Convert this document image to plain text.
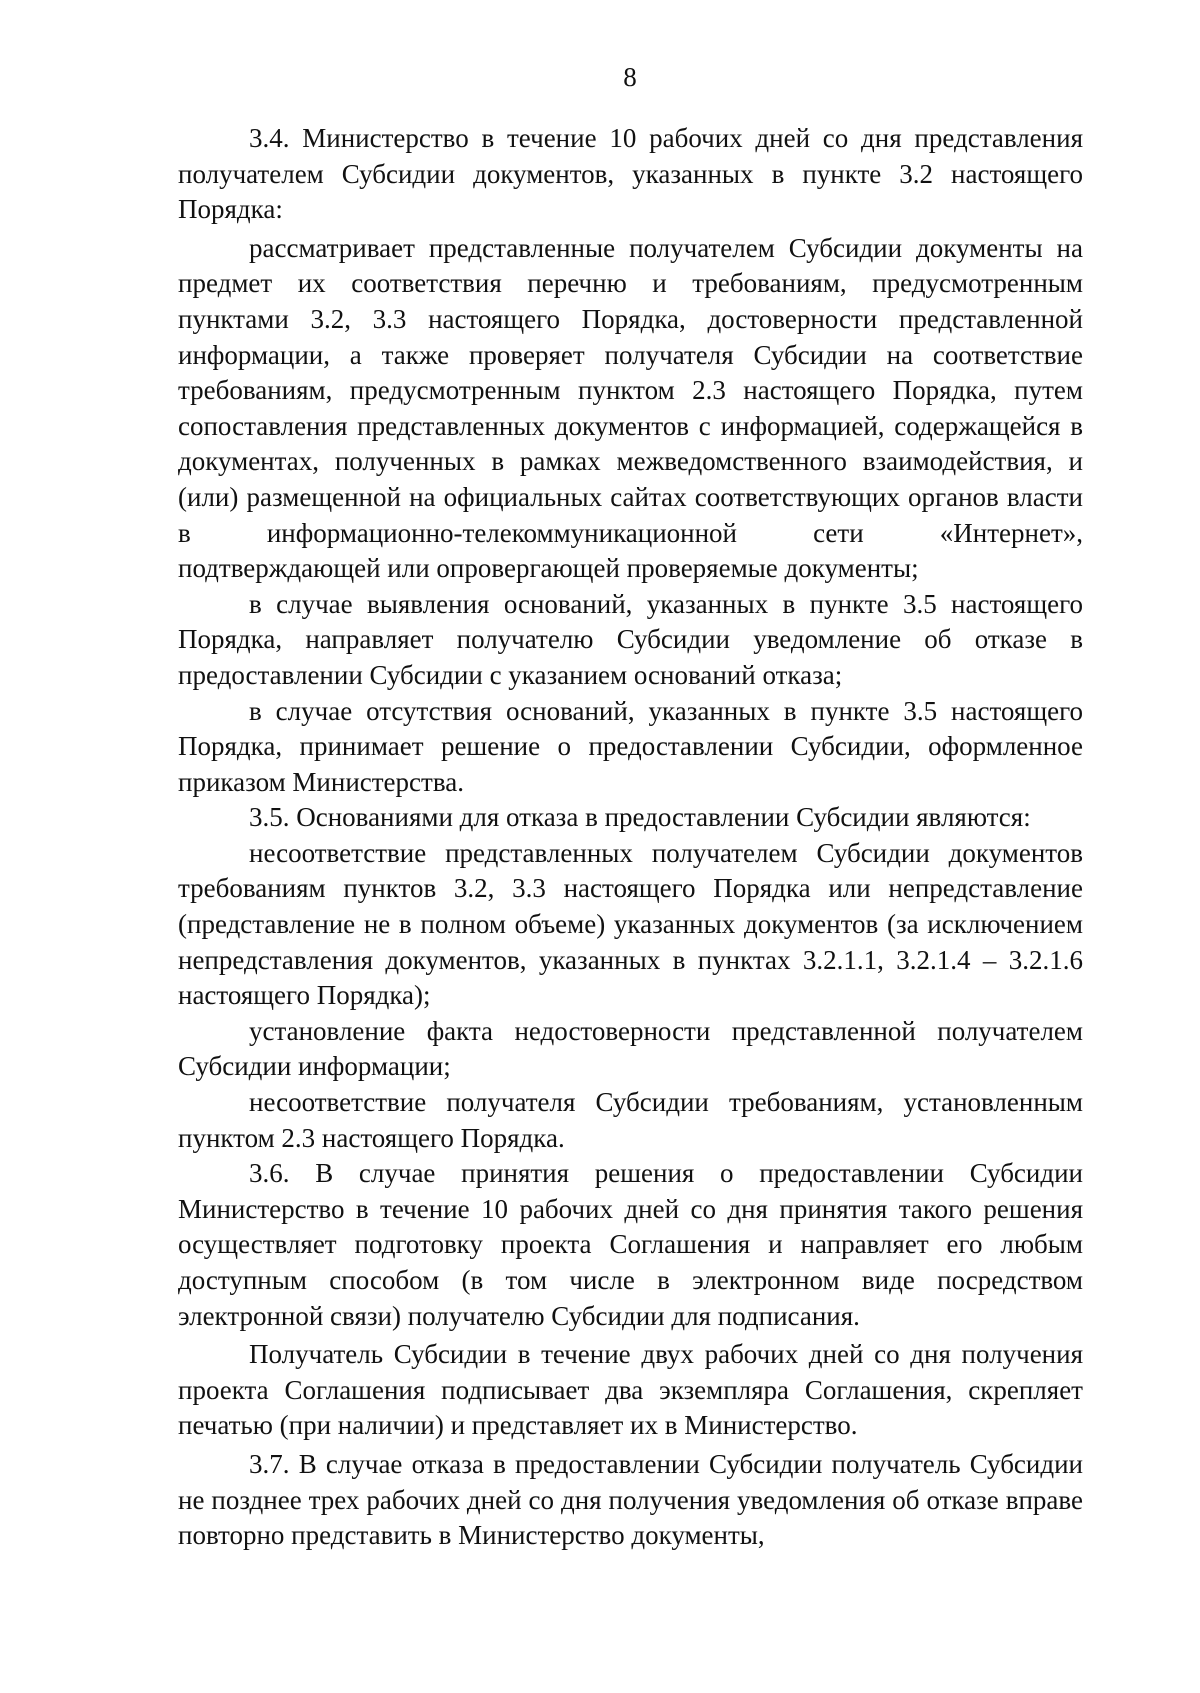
8

3.4. Министерство в течение 10 рабочих дней со дня представления получателем Субсидии документов, указанных в пункте 3.2 настоящего Порядка:

рассматривает представленные получателем Субсидии документы на предмет их соответствия перечню и требованиям, предусмотренным пунктами 3.2, 3.3 настоящего Порядка, достоверности представленной информации, а также проверяет получателя Субсидии на соответствие требованиям, предусмотренным пунктом 2.3 настоящего Порядка, путем сопоставления представленных документов с информацией, содержащейся в документах, полученных в рамках межведомственного взаимодействия, и (или) размещенной на официальных сайтах соответствующих органов власти в информационно-телекоммуникационной сети «Интернет», подтверждающей или опровергающей проверяемые документы;

в случае выявления оснований, указанных в пункте 3.5 настоящего Порядка, направляет получателю Субсидии уведомление об отказе в предоставлении Субсидии с указанием оснований отказа;

в случае отсутствия оснований, указанных в пункте 3.5 настоящего Порядка, принимает решение о предоставлении Субсидии, оформленное приказом Министерства.

3.5. Основаниями для отказа в предоставлении Субсидии являются:

несоответствие представленных получателем Субсидии документов требованиям пунктов 3.2, 3.3 настоящего Порядка или непредставление (представление не в полном объеме) указанных документов (за исключением непредставления документов, указанных в пунктах 3.2.1.1, 3.2.1.4 – 3.2.1.6 настоящего Порядка);

установление факта недостоверности представленной получателем Субсидии информации;

несоответствие получателя Субсидии требованиям, установленным пунктом 2.3 настоящего Порядка.

3.6. В случае принятия решения о предоставлении Субсидии Министерство в течение 10 рабочих дней со дня принятия такого решения осуществляет подготовку проекта Соглашения и направляет его любым доступным способом (в том числе в электронном виде посредством электронной связи) получателю Субсидии для подписания.

Получатель Субсидии в течение двух рабочих дней со дня получения проекта Соглашения подписывает два экземпляра Соглашения, скрепляет печатью (при наличии) и представляет их в Министерство.

3.7. В случае отказа в предоставлении Субсидии получатель Субсидии не позднее трех рабочих дней со дня получения уведомления об отказе вправе повторно представить в Министерство документы,
